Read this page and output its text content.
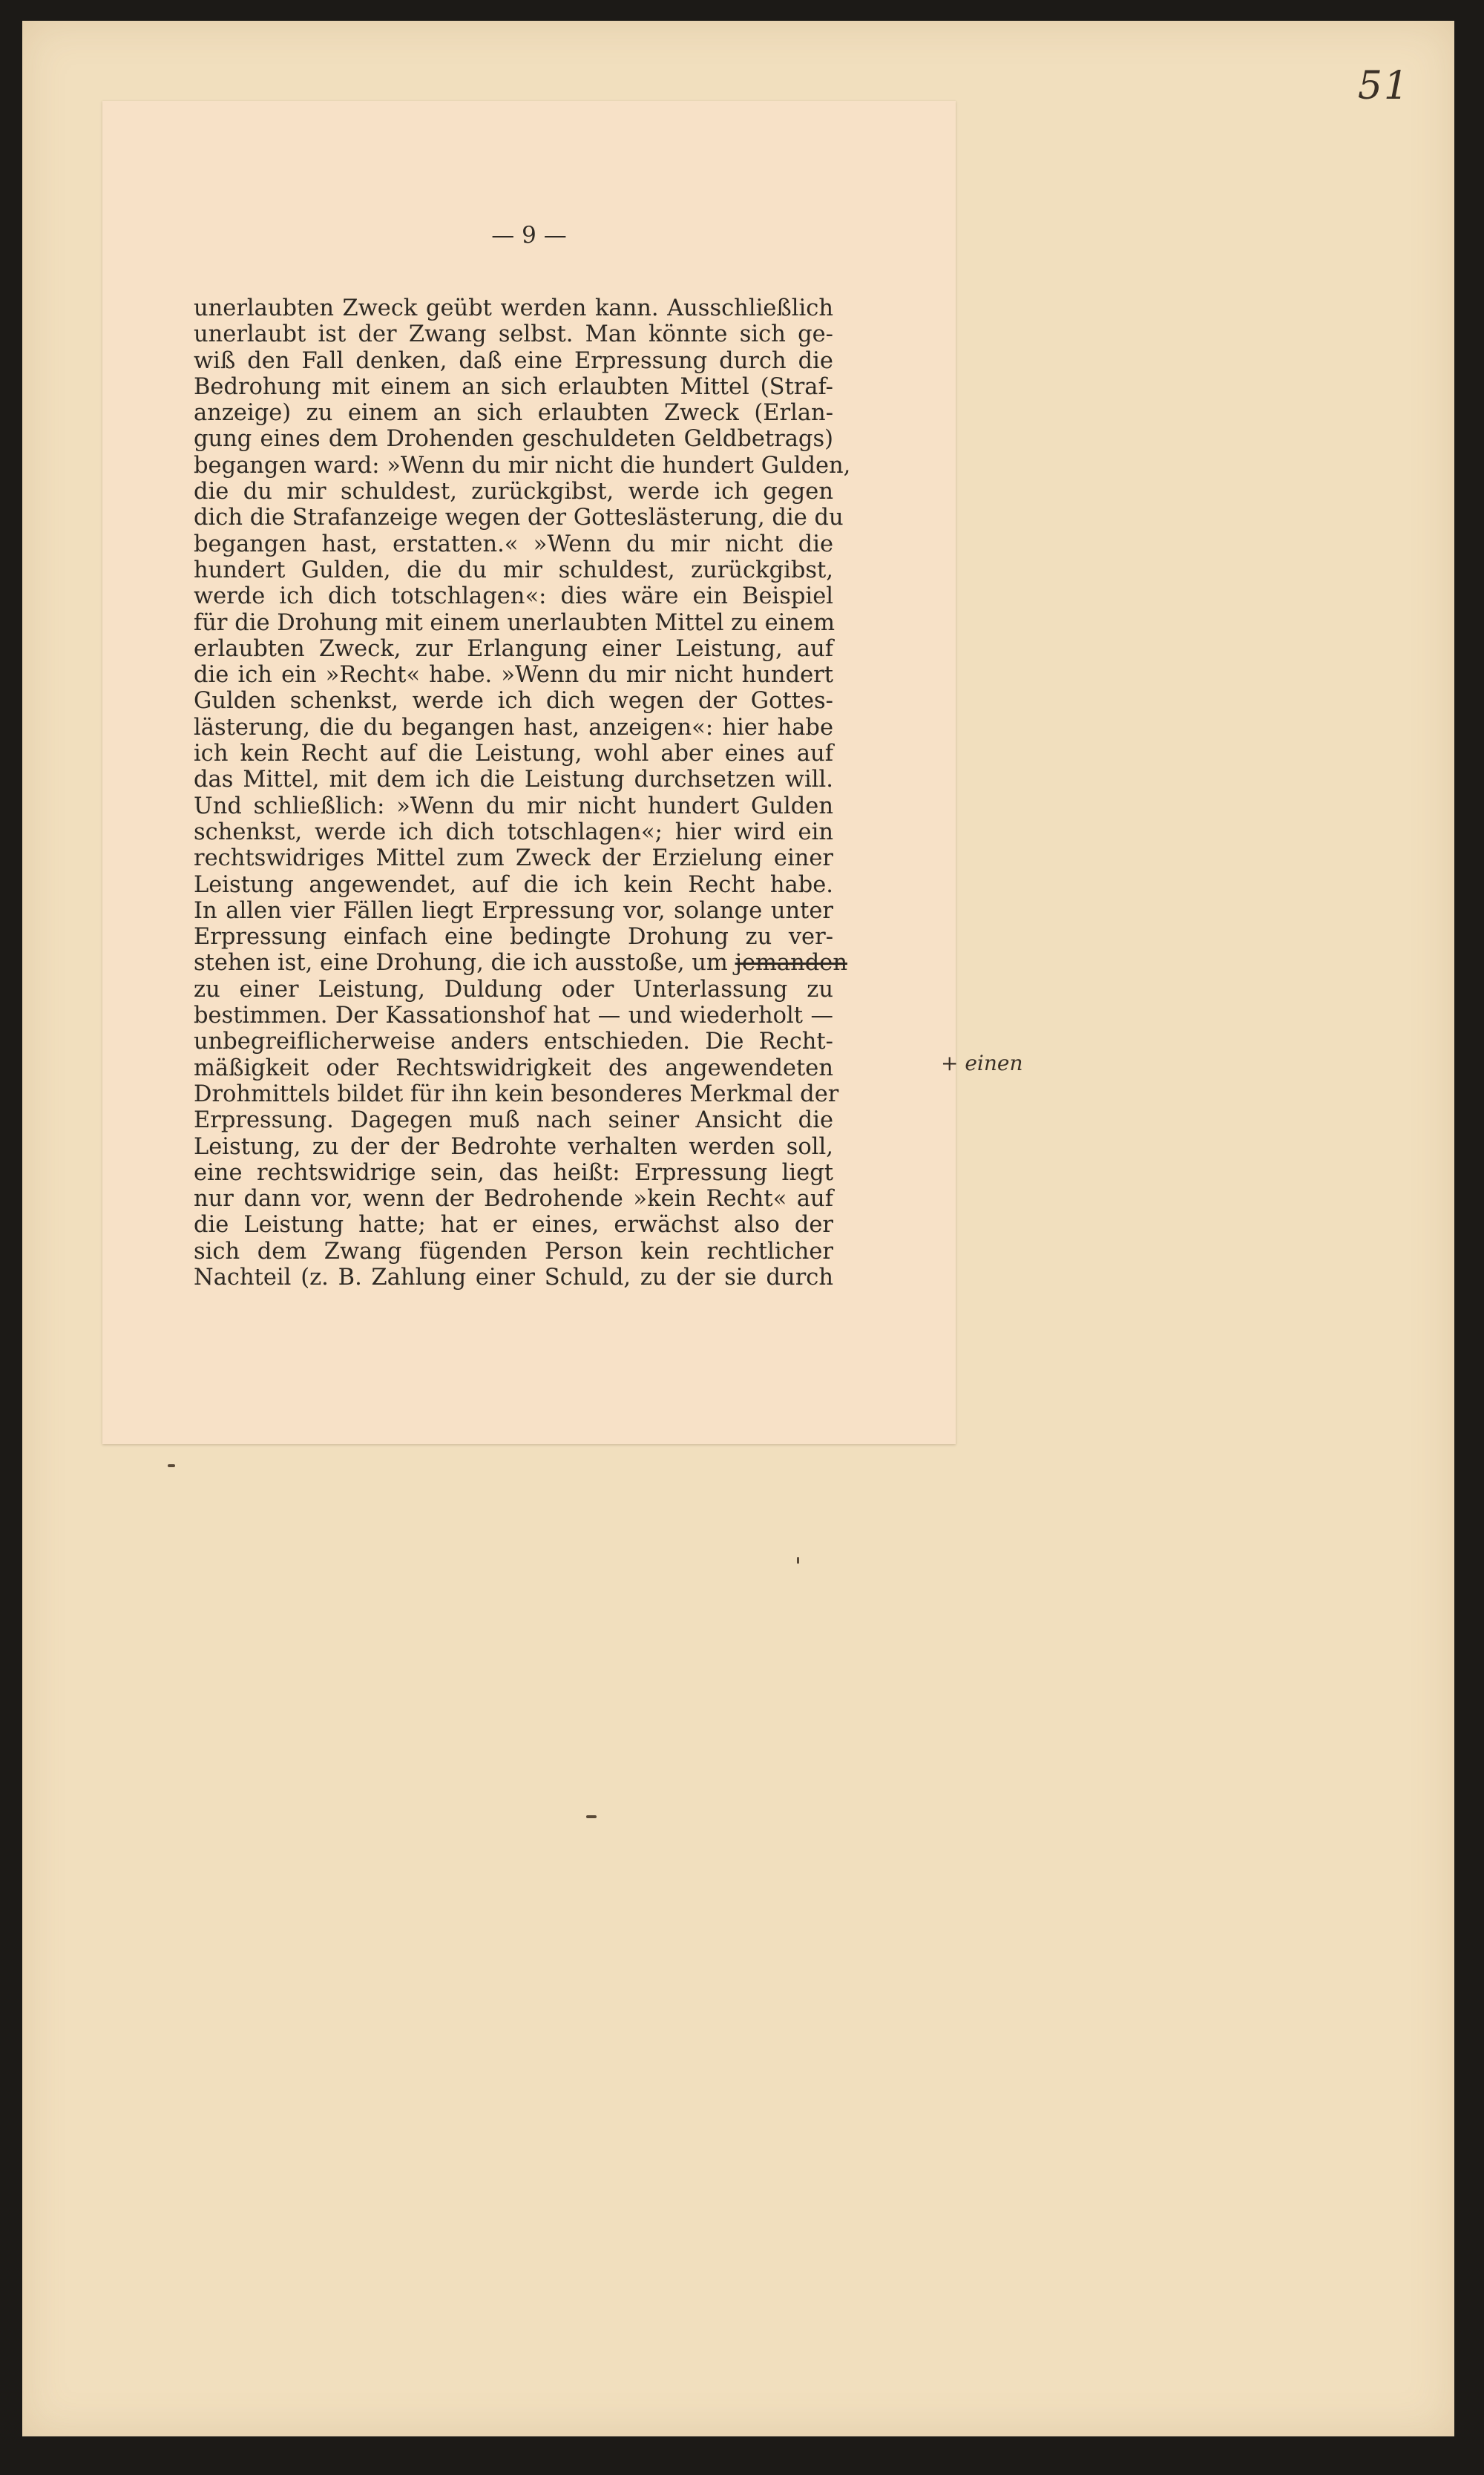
51
— 9 —
unerlaubten Zweck geübt werden kann. Ausschließlich
unerlaubt ist der Zwang selbst. Man könnte sich ge-
wiß den Fall denken, daß eine Erpressung durch die
Bedrohung mit einem an sich erlaubten Mittel (Straf-
anzeige) zu einem an sich erlaubten Zweck (Erlan-
gung eines dem Drohenden geschuldeten Geldbetrags)
begangen ward: »Wenn du mir nicht die hundert Gulden,
die du mir schuldest, zurückgibst, werde ich gegen
dich die Strafanzeige wegen der Gotteslästerung, die du
begangen hast, erstatten.« »Wenn du mir nicht die
hundert Gulden, die du mir schuldest, zurückgibst,
werde ich dich totschlagen«: dies wäre ein Beispiel
für die Drohung mit einem unerlaubten Mittel zu einem
erlaubten Zweck, zur Erlangung einer Leistung, auf
die ich ein »Recht« habe. »Wenn du mir nicht hundert
Gulden schenkst, werde ich dich wegen der Gottes-
lästerung, die du begangen hast, anzeigen«: hier habe
ich kein Recht auf die Leistung, wohl aber eines auf
das Mittel, mit dem ich die Leistung durchsetzen will.
Und schließlich: »Wenn du mir nicht hundert Gulden
schenkst, werde ich dich totschlagen«; hier wird ein
rechtswidriges Mittel zum Zweck der Erzielung einer
Leistung angewendet, auf die ich kein Recht habe.
In allen vier Fällen liegt Erpressung vor, solange unter
Erpressung einfach eine bedingte Drohung zu ver-
stehen ist, eine Drohung, die ich ausstoße, um jemanden
zu einer Leistung, Duldung oder Unterlassung zu
bestimmen. Der Kassationshof hat — und wiederholt —
unbegreiflicherweise anders entschieden. Die Recht-
mäßigkeit oder Rechtswidrigkeit des angewendeten
Drohmittels bildet für ihn kein besonderes Merkmal der
Erpressung. Dagegen muß nach seiner Ansicht die
Leistung, zu der der Bedrohte verhalten werden soll,
eine rechtswidrige sein, das heißt: Erpressung liegt
nur dann vor, wenn der Bedrohende »kein Recht« auf
die Leistung hatte; hat er eines, erwächst also der
sich dem Zwang fügenden Person kein rechtlicher
Nachteil (z. B. Zahlung einer Schuld, zu der sie durch
+ einen
